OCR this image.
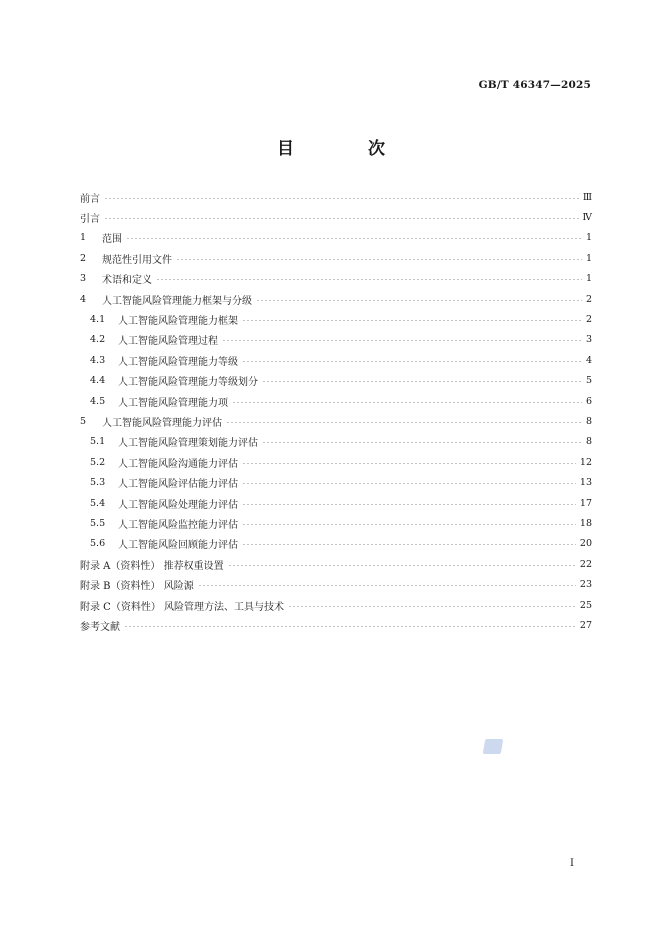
GB/T 46347—2025
目 次
前言	Ⅲ
引言	Ⅳ
1	范围	1
2	规范性引用文件	1
3	术语和定义	1
4	人工智能风险管理能力框架与分级	2
4.1	人工智能风险管理能力框架	2
4.2	人工智能风险管理过程	3
4.3	人工智能风险管理能力等级	4
4.4	人工智能风险管理能力等级划分	5
4.5	人工智能风险管理能力项	6
5	人工智能风险管理能力评估	8
5.1	人工智能风险管理策划能力评估	8
5.2	人工智能风险沟通能力评估	12
5.3	人工智能风险评估能力评估	13
5.4	人工智能风险处理能力评估	17
5.5	人工智能风险监控能力评估	18
5.6	人工智能风险回顾能力评估	20
附录 A（资料性） 推荐权重设置	22
附录 B（资料性） 风险源	23
附录 C（资料性） 风险管理方法、工具与技术	25
参考文献	27
Ⅰ
